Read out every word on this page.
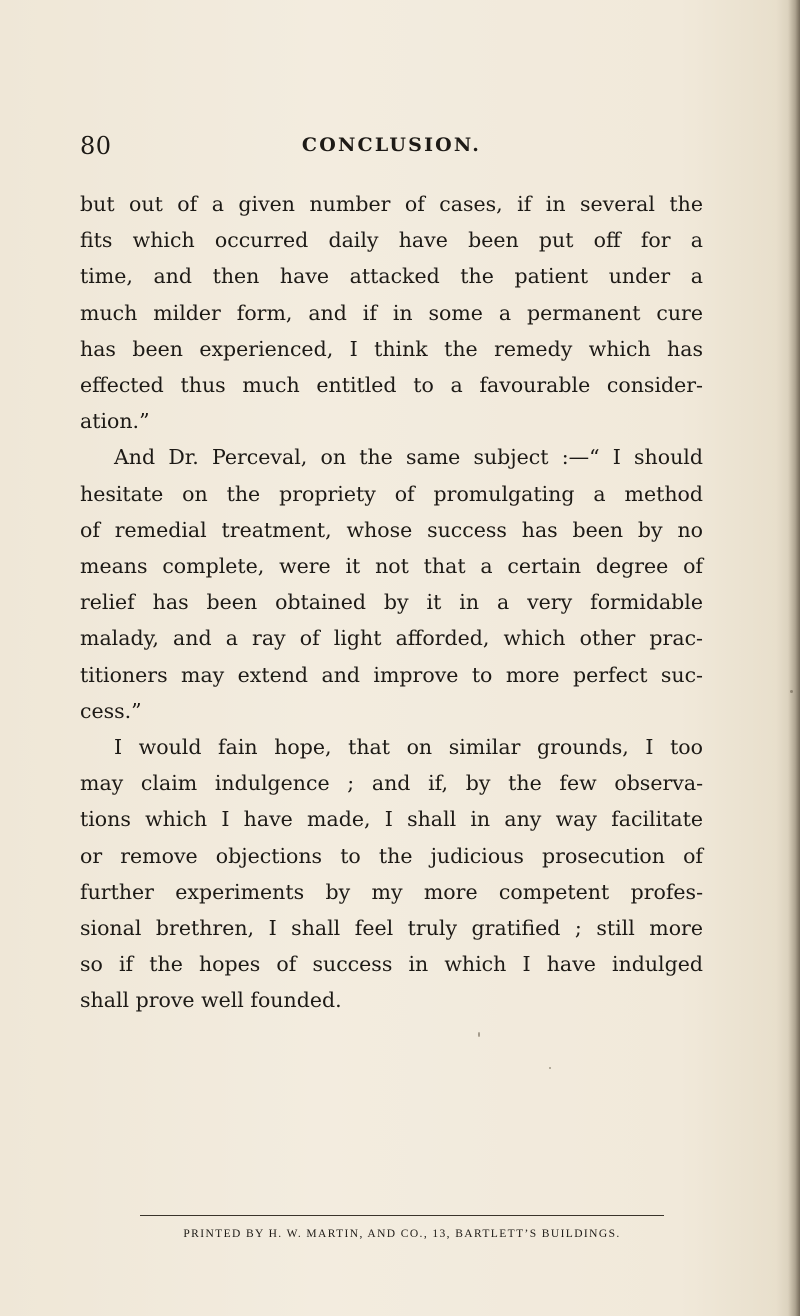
80	CONCLUSION.
but out of a given number of cases, if in several the
fits which occurred daily have been put off for a
time, and then have attacked the patient under a
much milder form, and if in some a permanent cure
has been experienced, I think the remedy which has
effected thus much entitled to a favourable consider-
ation.”
And Dr. Perceval, on the same subject :—“ I should
hesitate on the propriety of promulgating a method
of remedial treatment, whose success has been by no
means complete, were it not that a certain degree of
relief has been obtained by it in a very formidable
malady, and a ray of light afforded, which other prac-
titioners may extend and improve to more perfect suc-
cess.”
I would fain hope, that on similar grounds, I too
may claim indulgence ; and if, by the few observa-
tions which I have made, I shall in any way facilitate
or remove objections to the judicious prosecution of
further experiments by my more competent profes-
sional brethren, I shall feel truly gratified ; still more
so if the hopes of success in which I have indulged
shall prove well founded.
PRINTED BY H. W. MARTIN, AND CO., 13, BARTLETT’S BUILDINGS.
